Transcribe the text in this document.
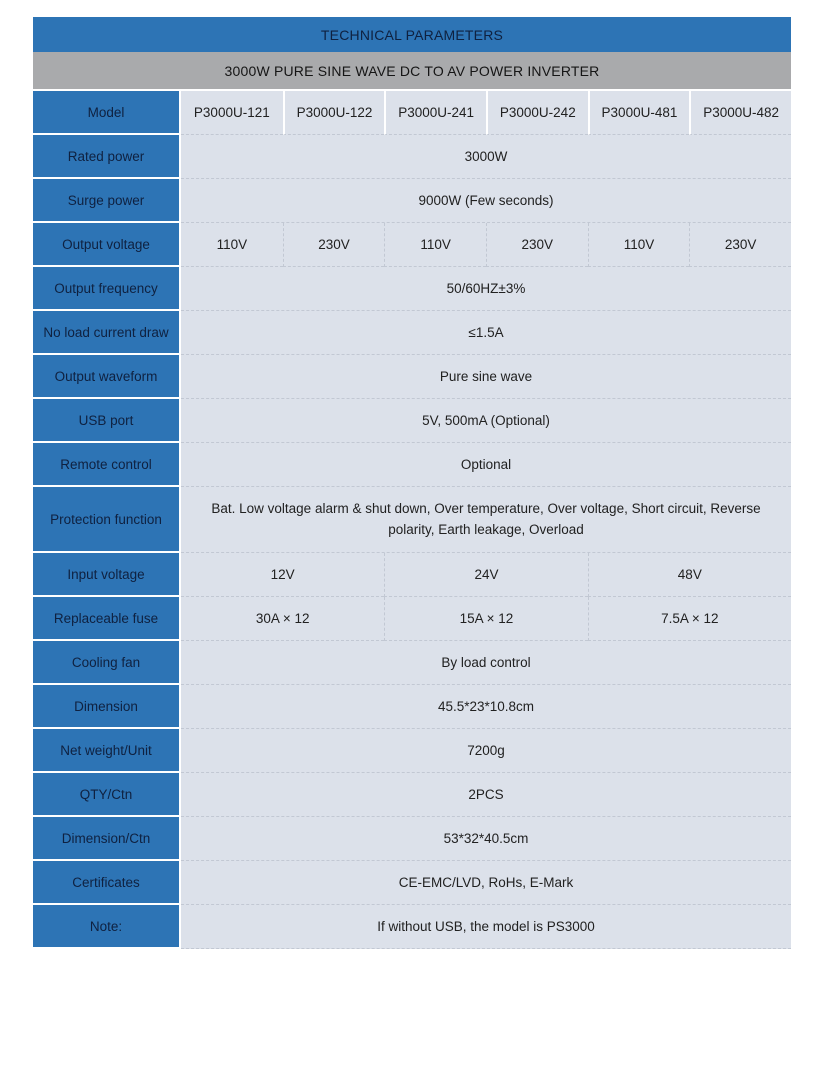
TECHNICAL PARAMETERS
3000W PURE SINE WAVE DC TO AV POWER INVERTER
Model	P3000U-121	P3000U-122	P3000U-241	P3000U-242	P3000U-481	P3000U-482
Rated power	3000W					
Surge power	9000W (Few seconds)					
Output voltage	110V	230V	110V	230V	110V	230V
Output frequency	50/60HZ±3%					
No load current draw	≤1.5A					
Output waveform	Pure sine wave					
USB port	5V, 500mA (Optional)					
Remote control	Optional					
Protection function	Bat. Low voltage alarm & shut down, Over temperature, Over voltage, Short circuit, Reverse polarity, Earth leakage, Overload					
Input voltage	12V		24V		48V	
Replaceable fuse	30A × 12		15A × 12		7.5A × 12	
Cooling fan	By load control					
Dimension	45.5*23*10.8cm					
Net weight/Unit	7200g					
QTY/Ctn	2PCS					
Dimension/Ctn	53*32*40.5cm					
Certificates	CE-EMC/LVD, RoHs, E-Mark					
Note:	If without USB, the model is PS3000					
